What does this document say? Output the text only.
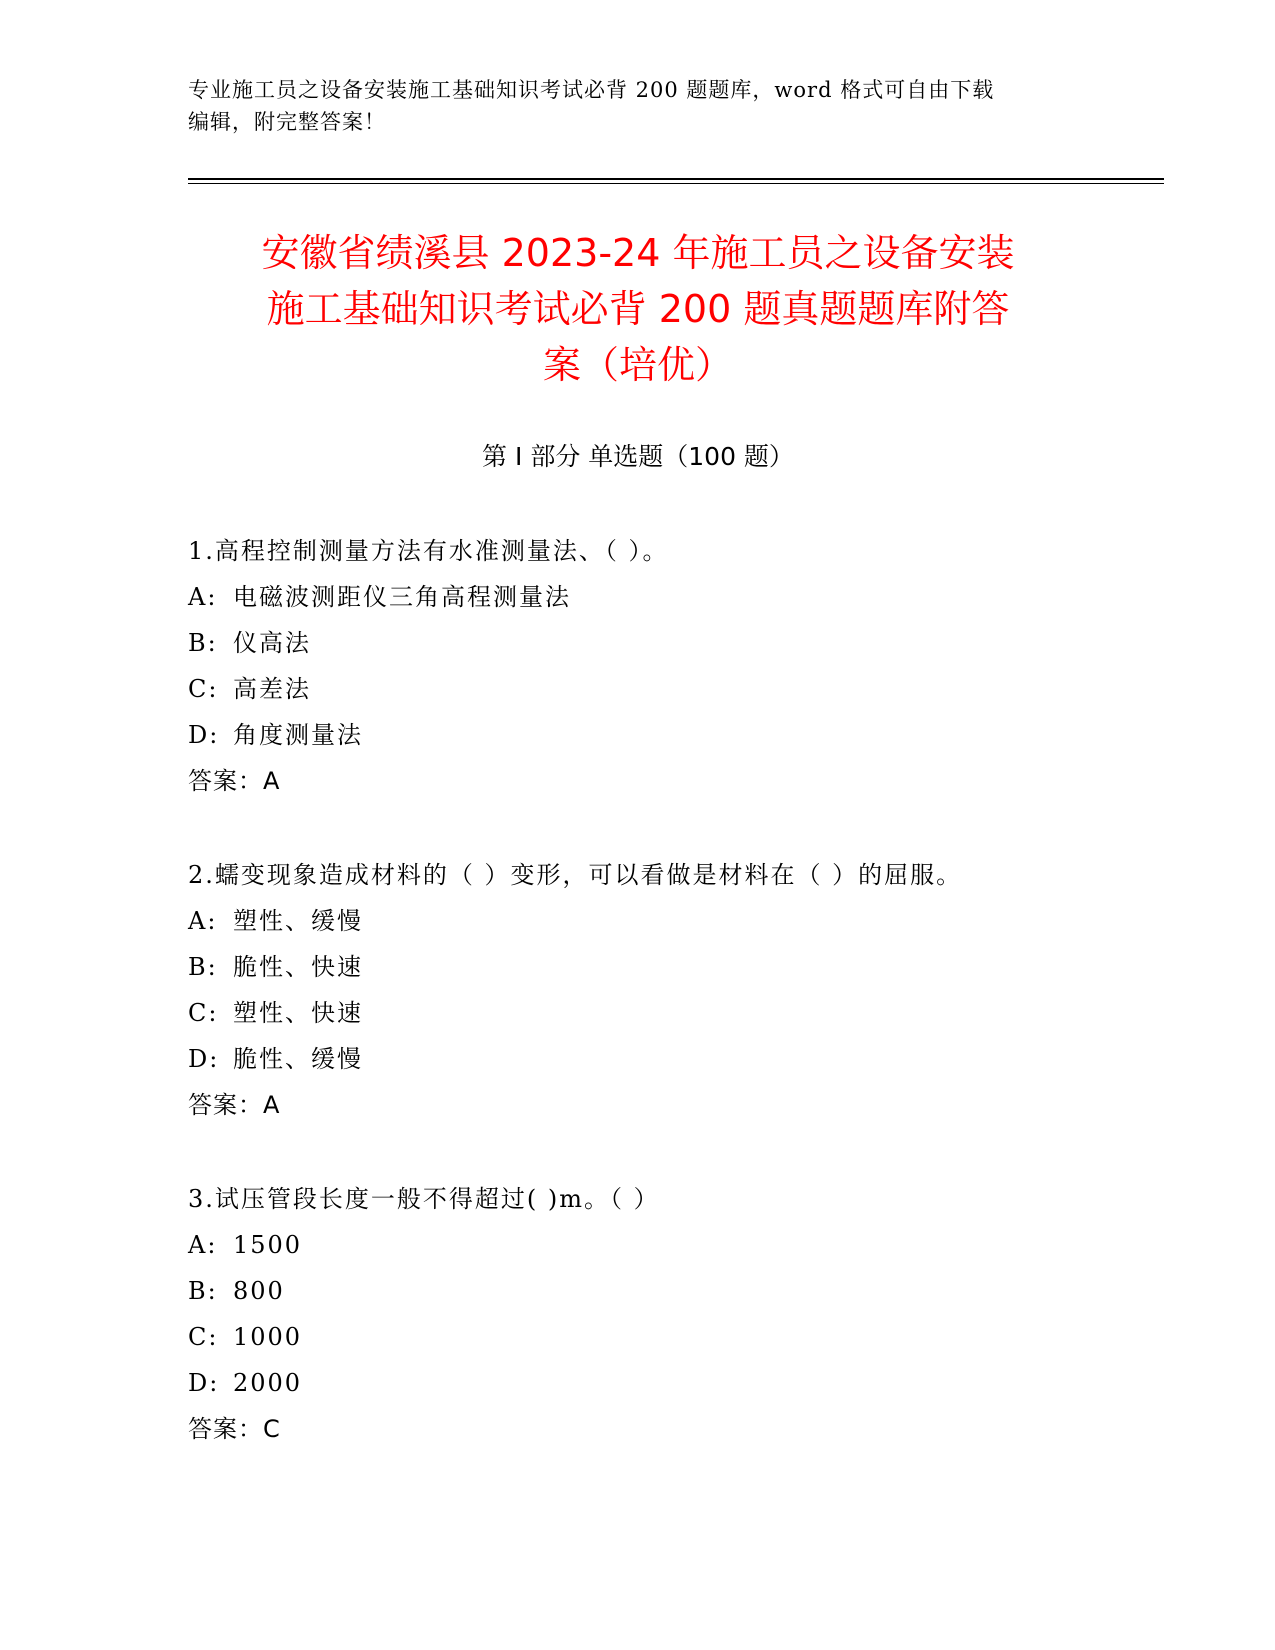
专业施工员之设备安装施工基础知识考试必背 200 题题库，word 格式可自由下载
编辑，附完整答案！
安徽省绩溪县 2023-24 年施工员之设备安装
施工基础知识考试必背 200 题真题题库附答
案（培优）
第 I 部分 单选题（100 题）
1.高程控制测量方法有水准测量法、（ ）。
A: 电磁波测距仪三角高程测量法
B: 仪高法
C: 高差法
D: 角度测量法
答案：A
2.蠕变现象造成材料的（ ）变形，可以看做是材料在（ ）的屈服。
A: 塑性、缓慢
B: 脆性、快速
C: 塑性、快速
D: 脆性、缓慢
答案：A
3.试压管段长度一般不得超过( )m。（ ）
A: 1500
B: 800
C: 1000
D: 2000
答案：C
